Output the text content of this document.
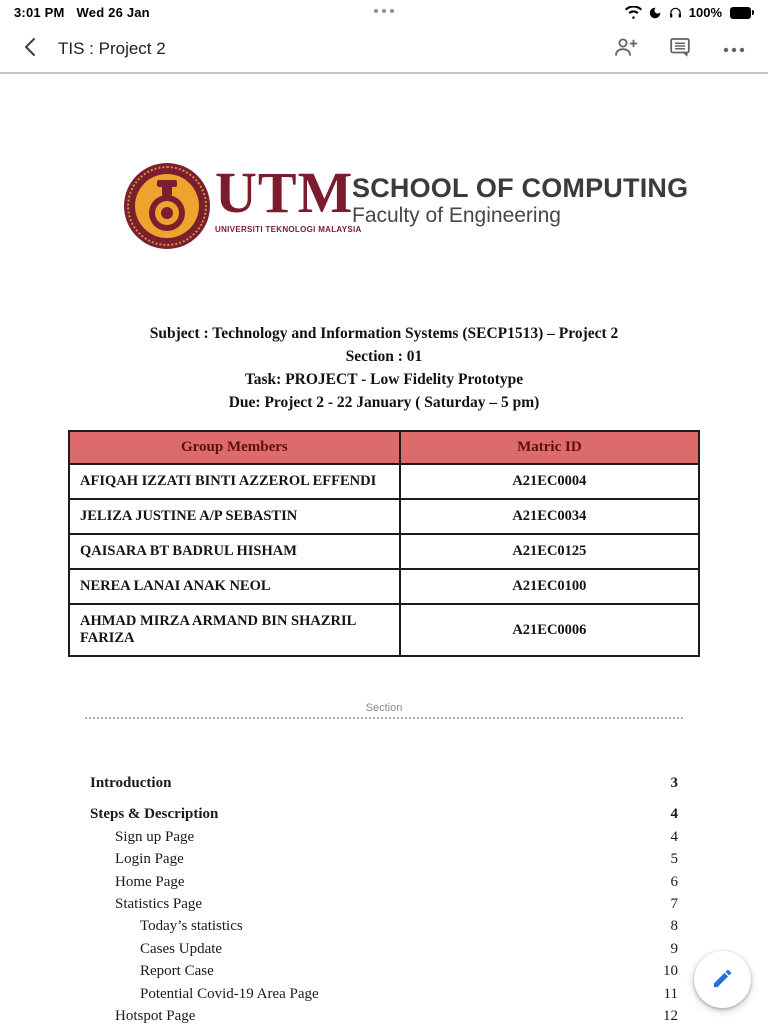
3:01 PM Wed 26 Jan	100%
TIS : Project 2
UTM
UNIVERSITI TEKNOLOGI MALAYSIA
SCHOOL OF COMPUTING
Faculty of Engineering
Subject : Technology and Information Systems (SECP1513) – Project 2
Section : 01
Task: PROJECT - Low Fidelity Prototype
Due: Project 2 - 22 January ( Saturday – 5 pm)
Group Members	Matric ID
AFIQAH IZZATI BINTI AZZEROL EFFENDI	A21EC0004
JELIZA JUSTINE A/P SEBASTIN	A21EC0034
QAISARA BT BADRUL HISHAM	A21EC0125
NEREA LANAI ANAK NEOL	A21EC0100
AHMAD MIRZA ARMAND BIN SHAZRIL FARIZA	A21EC0006
Section
Introduction	3
Steps & Description	4
Sign up Page	4
Login Page	5
Home Page	6
Statistics Page	7
Today’s statistics	8
Cases Update	9
Report Case	10
Potential Covid-19 Area Page	11
Hotspot Page	12
